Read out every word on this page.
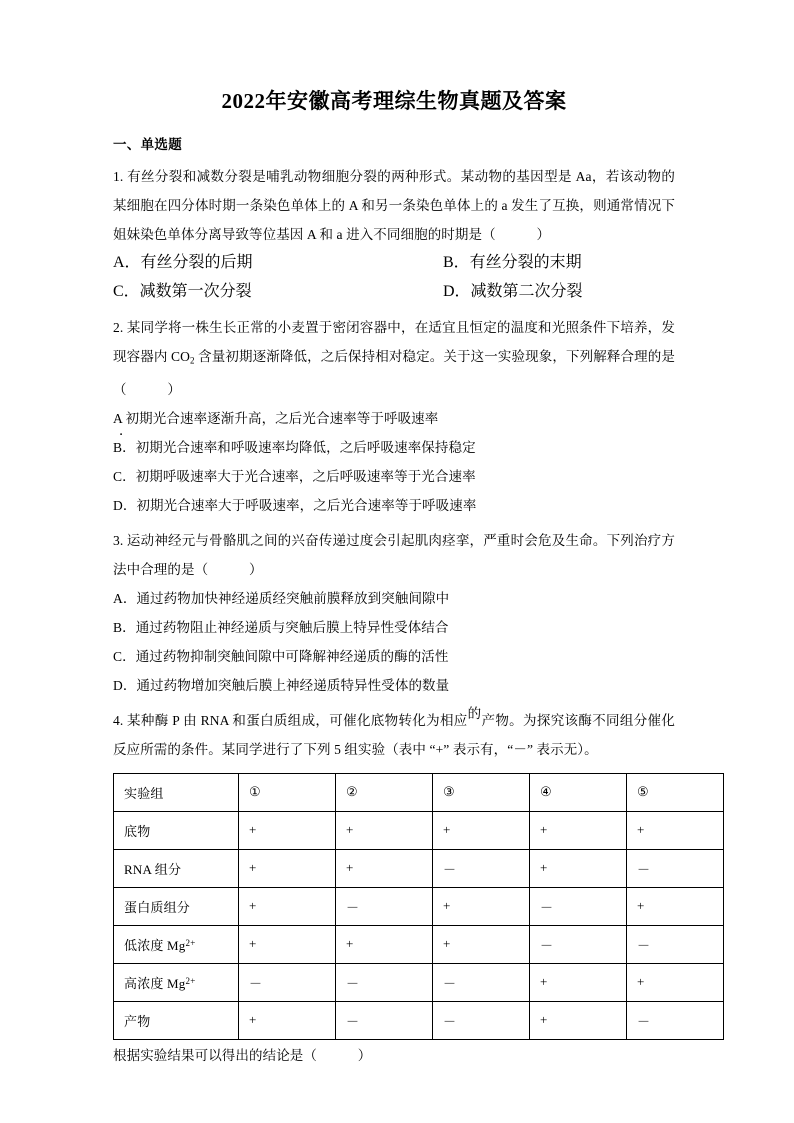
2022年安徽高考理综生物真题及答案
一、单选题
1. 有丝分裂和减数分裂是哺乳动物细胞分裂的两种形式。某动物的基因型是 Aa，若该动物的某细胞在四分体时期一条染色单体上的 A 和另一条染色单体上的 a 发生了互换，则通常情况下姐妹染色单体分离导致等位基因 A 和 a 进入不同细胞的时期是（　　　）
A．有丝分裂的后期	B．有丝分裂的末期
C．减数第一次分裂	D．减数第二次分裂
2. 某同学将一株生长正常的小麦置于密闭容器中，在适宜且恒定的温度和光照条件下培养，发现容器内 $CO_2$ 含量初期逐渐降低，之后保持相对稳定。关于这一实验现象，下列解释合理的是（　　　）
A 初期光合速率逐渐升高，之后光合速率等于呼吸速率
．
B．初期光合速率和呼吸速率均降低，之后呼吸速率保持稳定
C．初期呼吸速率大于光合速率，之后呼吸速率等于光合速率
D．初期光合速率大于呼吸速率，之后光合速率等于呼吸速率
3. 运动神经元与骨骼肌之间的兴奋传递过度会引起肌肉痉挛，严重时会危及生命。下列治疗方法中合理的是（　　　）
A．通过药物加快神经递质经突触前膜释放到突触间隙中
B．通过药物阻止神经递质与突触后膜上特异性受体结合
C．通过药物抑制突触间隙中可降解神经递质的酶的活性
D．通过药物增加突触后膜上神经递质特异性受体的数量
4. 某种酶 P 由 RNA 和蛋白质组成，可催化底物转化为相应的产物。为探究该酶不同组分催化反应所需的条件。某同学进行了下列 5 组实验（表中 “+” 表示有，“－” 表示无）。
实验组	①	②	③	④	⑤
底物	+	+	+	+	+
RNA 组分	+	+	－	+	－
蛋白质组分	+	－	+	－	+
低浓度 $Mg^{2+}$	+	+	+	－	－
高浓度 $Mg^{2+}$	－	－	－	+	+
产物	+	－	－	+	－
根据实验结果可以得出的结论是（　　　）
